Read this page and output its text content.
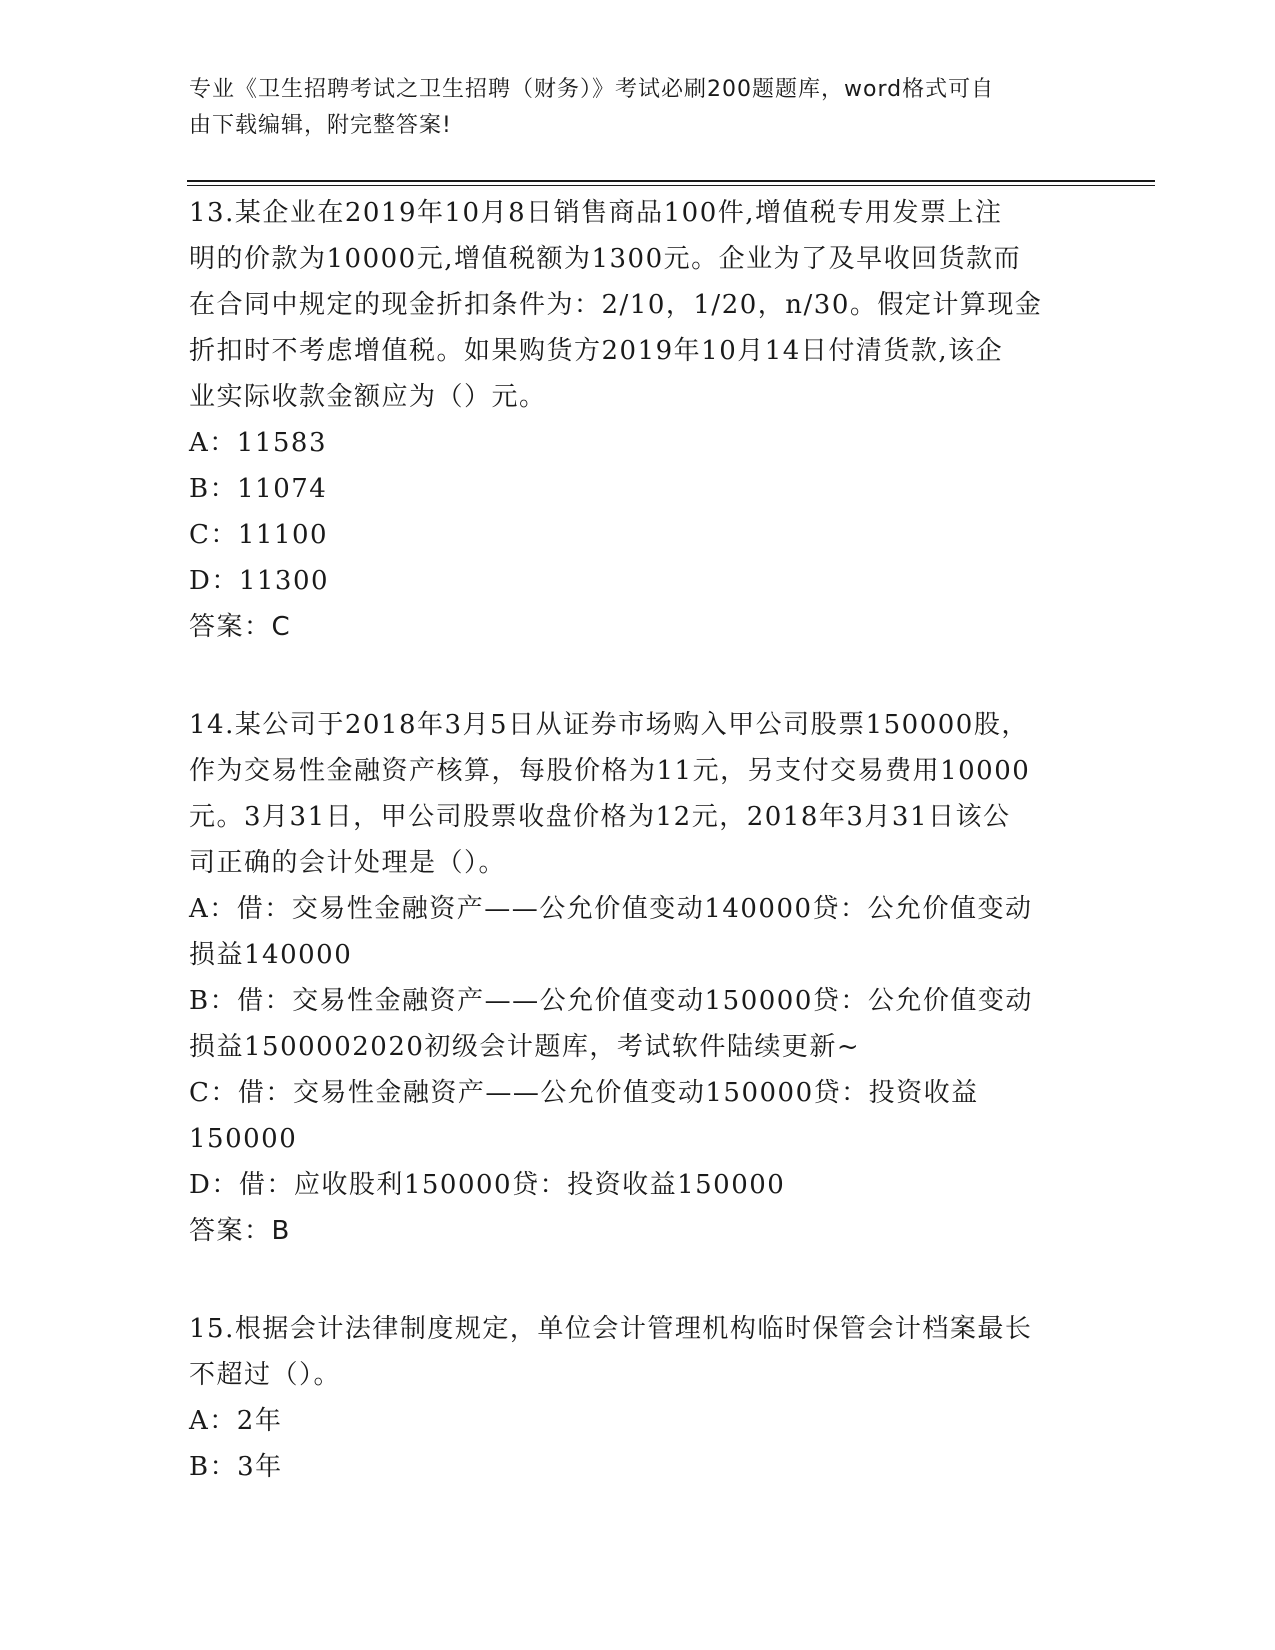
专业《卫生招聘考试之卫生招聘（财务）》考试必刷200题题库，word格式可自
由下载编辑，附完整答案!

13.某企业在2019年10月8日销售商品100件,增值税专用发票上注

明的价款为10000元,增值税额为1300元。企业为了及早收回货款而

在合同中规定的现金折扣条件为：2/10，1/20，n/30。假定计算现金

折扣时不考虑增值税。如果购货方2019年10月14日付清货款,该企

业实际收款金额应为（）元。

A：11583

B：11074

C：11100

D：11300

答案：C

14.某公司于2018年3月5日从证券市场购入甲公司股票150000股，

作为交易性金融资产核算，每股价格为11元，另支付交易费用10000

元。3月31日，甲公司股票收盘价格为12元，2018年3月31日该公

司正确的会计处理是（）。

A：借：交易性金融资产——公允价值变动140000贷：公允价值变动

损益140000

B：借：交易性金融资产——公允价值变动150000贷：公允价值变动

损益1500002020初级会计题库，考试软件陆续更新~

C：借：交易性金融资产——公允价值变动150000贷：投资收益

150000

D：借：应收股利150000贷：投资收益150000

答案：B

15.根据会计法律制度规定，单位会计管理机构临时保管会计档案最长

不超过（）。

A：2年

B：3年
